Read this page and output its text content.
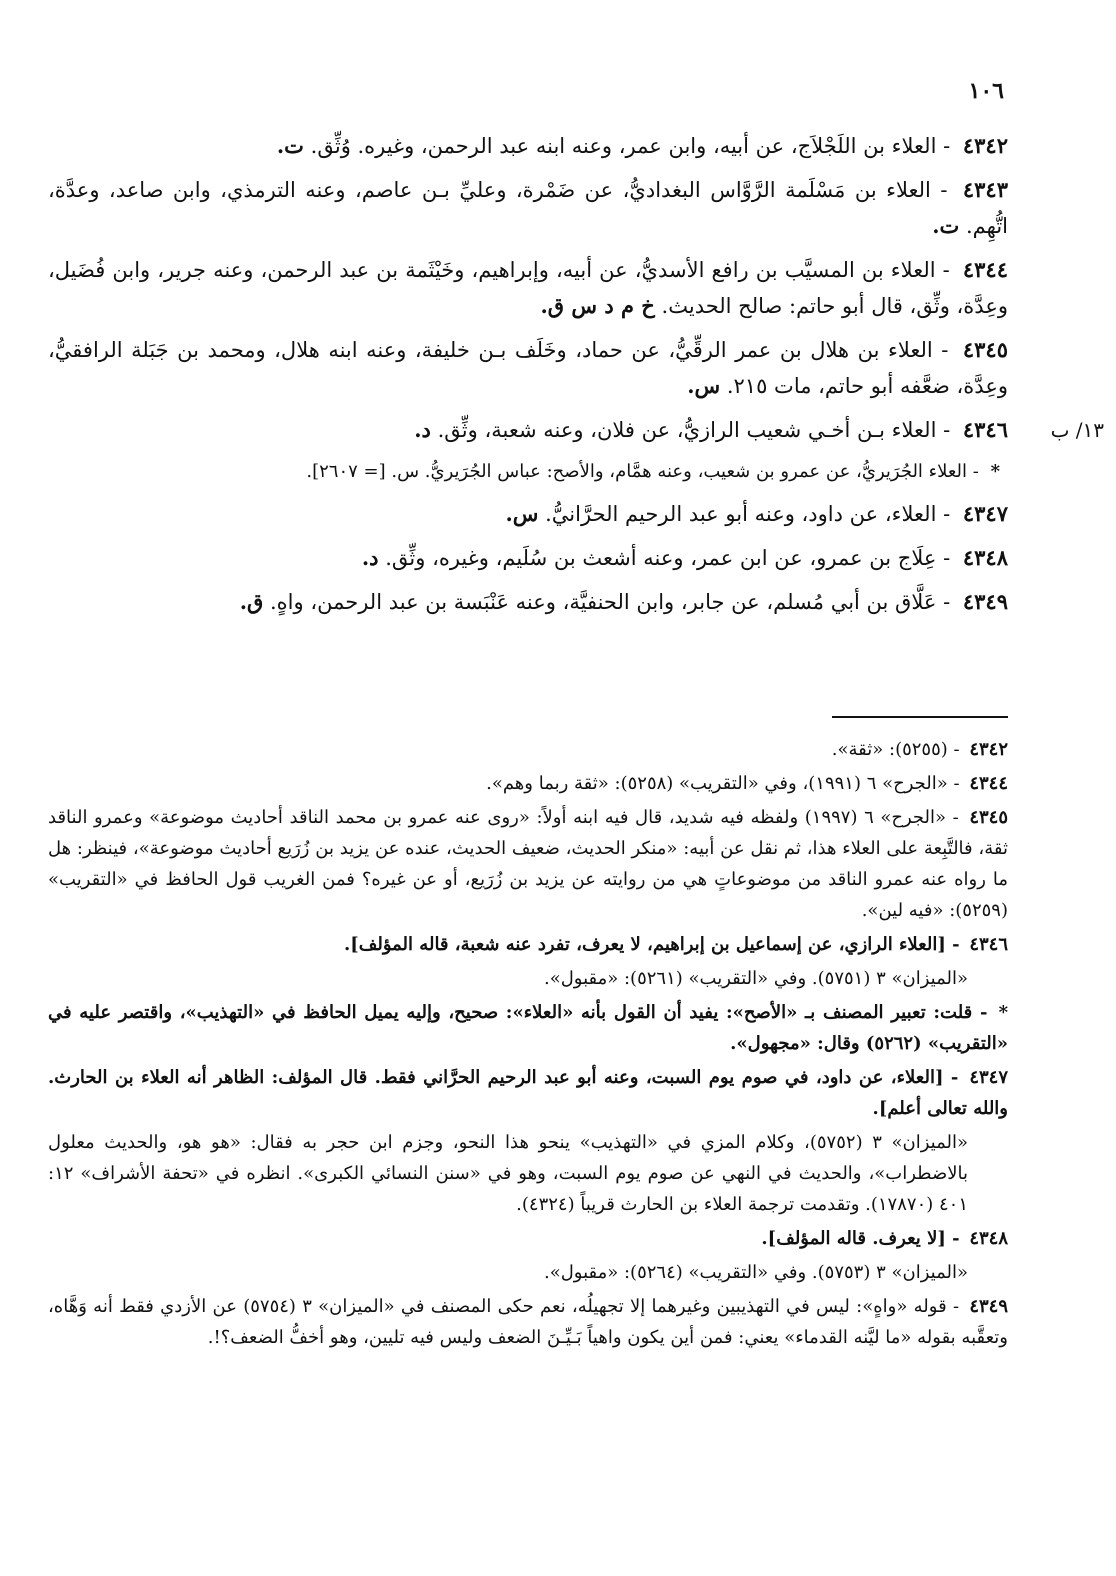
١٠٦

٤٣٤٢ - العلاء بن اللَجْلاَج، عن أبيه، وابن عمر، وعنه ابنه عبد الرحمن، وغيره. وُثِّق. ت.

٤٣٤٣ - العلاء بن مَسْلَمة الرَّوَّاس البغداديُّ، عن ضَمْرة، وعليِّ بـن عاصم، وعنه الترمذي، وابن صاعد، وعدَّة، اتُّهِم. ت.

٤٣٤٤ - العلاء بن المسيَّب بن رافع الأسديُّ، عن أبيه، وإبراهيم، وخَيْثَمة بن عبد الرحمن، وعنه جرير، وابن فُضَيل، وعِدَّة، وثِّق، قال أبو حاتم: صالح الحديث. خ م د س ق.

٤٣٤٥ - العلاء بن هلال بن عمر الرقِّيُّ، عن حماد، وخَلَف بـن خليفة، وعنه ابنه هلال، ومحمد بن جَبَلة الرافقيُّ، وعِدَّة، ضعَّفه أبو حاتم، مات ٢١٥. س.

١٣/ ب
٤٣٤٦ - العلاء بـن أخـي شعيب الرازيُّ، عن فلان، وعنه شعبة، وثِّق. د.

* - العلاء الجُرَيريُّ، عن عمرو بن شعيب، وعنه همَّام، والأصح: عباس الجُرَيريُّ. س. [= ٢٦٠٧].

٤٣٤٧ - العلاء، عن داود، وعنه أبو عبد الرحيم الحرَّانيُّ. س.

٤٣٤٨ - عِلَاج بن عمرو، عن ابن عمر، وعنه أشعث بن سُلَيم، وغيره، وثِّق. د.

٤٣٤٩ - عَلَّاق بن أبي مُسلم، عن جابر، وابن الحنفيَّة، وعنه عَنْبَسة بن عبد الرحمن، واهٍ. ق.

٤٣٤٢ - (٥٢٥٥): «ثقة».

٤٣٤٤ - «الجرح» ٦ (١٩٩١)، وفي «التقريب» (٥٢٥٨): «ثقة ربما وهم».

٤٣٤٥ - «الجرح» ٦ (١٩٩٧) ولفظه فيه شديد، قال فيه ابنه أولاً: «روى عنه عمرو بن محمد الناقد أحاديث موضوعة» وعمرو الناقد ثقة، فالتَّبِعة على العلاء هذا، ثم نقل عن أبيه: «منكر الحديث، ضعيف الحديث، عنده عن يزيد بن زُرَيع أحاديث موضوعة»، فينظر: هل ما رواه عنه عمرو الناقد من موضوعاتٍ هي من روايته عن يزيد بن زُرَيع، أو عن غيره؟ فمن الغريب قول الحافظ في «التقريب» (٥٢٥٩): «فيه لين».

٤٣٤٦ - [العلاء الرازي، عن إسماعيل بن إبراهيم، لا يعرف، تفرد عنه شعبة، قاله المؤلف].

«الميزان» ٣ (٥٧٥١). وفي «التقريب» (٥٢٦١): «مقبول».

* - قلت: تعبير المصنف بـ «الأصح»: يفيد أن القول بأنه «العلاء»: صحيح، وإليه يميل الحافظ في «التهذيب»، واقتصر عليه في «التقريب» (٥٢٦٢) وقال: «مجهول».

٤٣٤٧ - [العلاء، عن داود، في صوم يوم السبت، وعنه أبو عبد الرحيم الحرَّاني فقط. قال المؤلف: الظاهر أنه العلاء بن الحارث. والله تعالى أعلم].

«الميزان» ٣ (٥٧٥٢)، وكلام المزي في «التهذيب» ينحو هذا النحو، وجزم ابن حجر به فقال: «هو هو، والحديث معلول بالاضطراب»، والحديث في النهي عن صوم يوم السبت، وهو في «سنن النسائي الكبرى». انظره في «تحفة الأشراف» ١٢: ٤٠١ (١٧٨٧٠). وتقدمت ترجمة العلاء بن الحارث قريباً (٤٣٢٤).

٤٣٤٨ - [لا يعرف. قاله المؤلف].

«الميزان» ٣ (٥٧٥٣). وفي «التقريب» (٥٢٦٤): «مقبول».

٤٣٤٩ - قوله «واهٍ»: ليس في التهذيبين وغيرهما إلا تجهيلُه، نعم حكى المصنف في «الميزان» ٣ (٥٧٥٤) عن الأزدي فقط أنه وَهَّاه، وتعقَّبه بقوله «ما ليَّنه القدماء» يعني: فمن أين يكون واهياً بَـيِّـنَ الضعف وليس فيه تليين، وهو أخفُّ الضعف؟!.
